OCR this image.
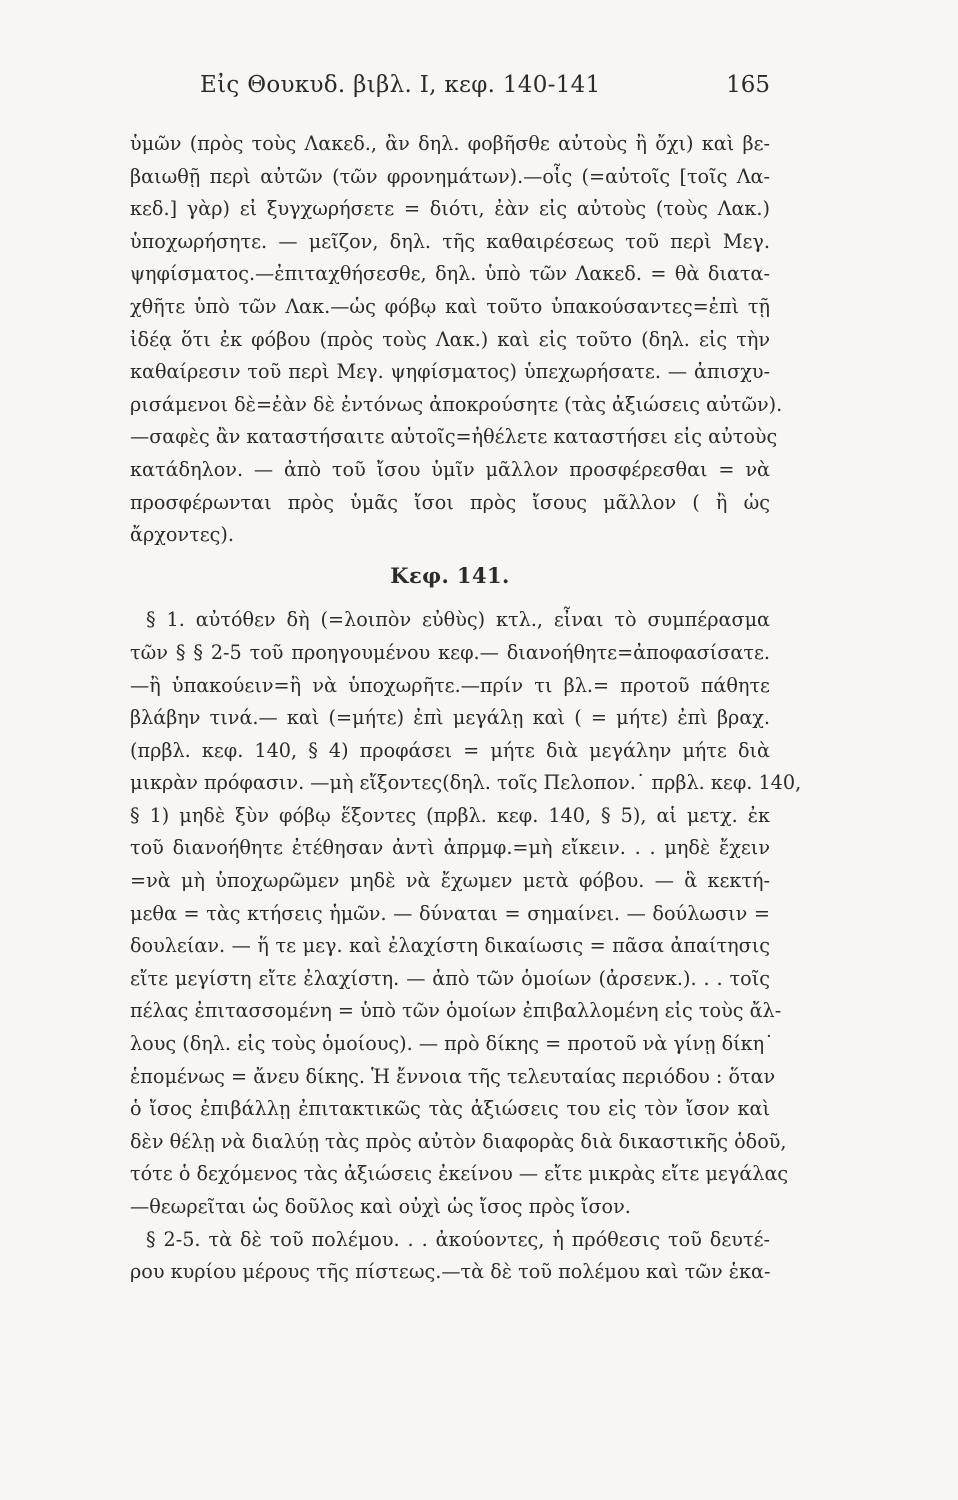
Εἰς Θουκυδ. βιβλ. Ι, κεφ. 140-141	165
ὑμῶν (πρὸς τοὺς Λακεδ., ἂν δηλ. φοβῆσθε αὐτοὺς ἢ ὄχι) καὶ βε-
βαιωθῇ περὶ αὐτῶν (τῶν φρονημάτων).—οἷς (=αὐτοῖς [τοῖς Λα-
κεδ.] γὰρ) εἰ ξυγχωρήσετε = διότι, ἐὰν εἰς αὐτοὺς (τοὺς Λακ.)
ὑποχωρήσητε. — μεῖζον, δηλ. τῆς καθαιρέσεως τοῦ περὶ Μεγ.
ψηφίσματος.—ἐπιταχθήσεσθε, δηλ. ὑπὸ τῶν Λακεδ. = θὰ διατα-
χθῆτε ὑπὸ τῶν Λακ.—ὡς φόβῳ καὶ τοῦτο ὑπακούσαντες=ἐπὶ τῇ
ἰδέᾳ ὅτι ἐκ φόβου (πρὸς τοὺς Λακ.) καὶ εἰς τοῦτο (δηλ. εἰς τὴν
καθαίρεσιν τοῦ περὶ Μεγ. ψηφίσματος) ὑπεχωρήσατε. — ἀπισχυ-
ρισάμενοι δὲ=ἐὰν δὲ ἐντόνως ἀποκρούσητε (τὰς ἀξιώσεις αὐτῶν).
—σαφὲς ἂν καταστήσαιτε αὐτοῖς=ἠθέλετε καταστήσει εἰς αὐτοὺς
κατάδηλον. — ἀπὸ τοῦ ἴσου ὑμῖν μᾶλλον προσφέρεσθαι = νὰ
προσφέρωνται πρὸς ὑμᾶς ἴσοι πρὸς ἴσους μᾶλλον ( ἢ ὡς
ἄρχοντες).
Κεφ. 141.
§ 1. αὐτόθεν δὴ (=λοιπὸν εὐθὺς) κτλ., εἶναι τὸ συμπέρασμα
τῶν § § 2-5 τοῦ προηγουμένου κεφ.— διανοήθητε=ἀποφασίσατε.
—ἢ ὑπακούειν=ἢ νὰ ὑποχωρῆτε.—πρίν τι βλ.= προτοῦ πάθητε
βλάβην τινά.— καὶ (=μήτε) ἐπὶ μεγάλῃ καὶ ( = μήτε) ἐπὶ βραχ.
(πρβλ. κεφ. 140, § 4) προφάσει = μήτε διὰ μεγάλην μήτε διὰ
μικρὰν πρόφασιν. —μὴ εἴξοντες(δηλ. τοῖς Πελοπον.˙ πρβλ. κεφ. 140,
§ 1) μηδὲ ξὺν φόβῳ ἕξοντες (πρβλ. κεφ. 140, § 5), αἱ μετχ. ἐκ
τοῦ διανοήθητε ἐτέθησαν ἀντὶ ἀπρμφ.=μὴ εἴκειν. . . μηδὲ ἔχειν
=νὰ μὴ ὑποχωρῶμεν μηδὲ νὰ ἔχωμεν μετὰ φόβου. — ἃ κεκτή-
μεθα = τὰς κτήσεις ἡμῶν. — δύναται = σημαίνει. — δούλωσιν =
δουλείαν. — ἥ τε μεγ. καὶ ἐλαχίστη δικαίωσις = πᾶσα ἀπαίτησις
εἴτε μεγίστη εἴτε ἐλαχίστη. — ἀπὸ τῶν ὁμοίων (ἀρσενκ.). . . τοῖς
πέλας ἐπιτασσομένη = ὑπὸ τῶν ὁμοίων ἐπιβαλλομένη εἰς τοὺς ἄλ-
λους (δηλ. εἰς τοὺς ὁμοίους). — πρὸ δίκης = προτοῦ νὰ γίνῃ δίκη˙
ἑπομένως = ἄνευ δίκης. Ἡ ἔννοια τῆς τελευταίας περιόδου : ὅταν
ὁ ἴσος ἐπιβάλλῃ ἐπιτακτικῶς τὰς ἀξιώσεις του εἰς τὸν ἴσον καὶ
δὲν θέλῃ νὰ διαλύῃ τὰς πρὸς αὐτὸν διαφορὰς διὰ δικαστικῆς ὁδοῦ,
τότε ὁ δεχόμενος τὰς ἀξιώσεις ἐκείνου — εἴτε μικρὰς εἴτε μεγάλας
—θεωρεῖται ὡς δοῦλος καὶ οὐχὶ ὡς ἴσος πρὸς ἴσον.
§ 2-5. τὰ δὲ τοῦ πολέμου. . . ἀκούοντες, ἡ πρόθεσις τοῦ δευτέ-
ρου κυρίου μέρους τῆς πίστεως.—τὰ δὲ τοῦ πολέμου καὶ τῶν ἑκα-
